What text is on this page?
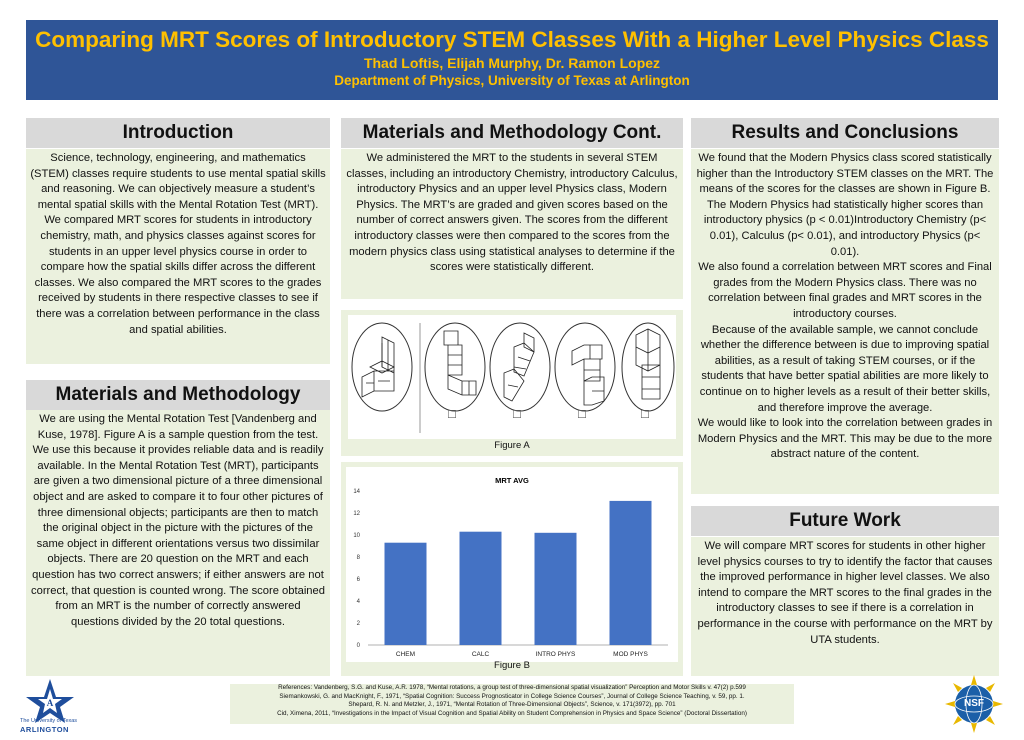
Comparing MRT Scores of Introductory STEM Classes With a Higher Level Physics Class
Thad Loftis, Elijah Murphy, Dr. Ramon Lopez
Department of Physics, University of Texas at Arlington
Introduction
Science, technology, engineering, and mathematics (STEM) classes require students to use mental spatial skills and reasoning. We can objectively measure a student’s mental spatial skills with the Mental Rotation Test (MRT). We compared MRT scores for students in introductory chemistry, math, and physics classes against scores for students in an upper level physics course in order to compare how the spatial skills differ across the different classes. We also compared the MRT scores to the grades received by students in there respective classes to see if there was a correlation between performance in the class and spatial abilities.
Materials and Methodology
We are using the Mental Rotation Test [Vandenberg and Kuse, 1978]. Figure A is a sample question from the test. We use this because it provides reliable data and is readily available. In the Mental Rotation Test (MRT), participants are given a two dimensional picture of a three dimensional object and are asked to compare it to four other pictures of three dimensional objects; participants are then to match the original object in the picture with the pictures of the same object in different orientations versus two dissimilar objects. There are 20 question on the MRT and each question has two correct answers; if either answers are not correct, that question is counted wrong. The score obtained from an MRT is the number of correctly answered questions divided by the 20 total questions.
Materials and Methodology Cont.
We administered the MRT to the students in several STEM classes, including an introductory Chemistry, introductory Calculus, introductory Physics and an upper level Physics class, Modern Physics. The MRT’s are graded and given scores based on the number of correct answers given. The scores from the different introductory classes were then compared to the scores from the modern physics class using statistical analyses to determine if the scores were statistically different.
☐	☐	☐	☐
Figure A
MRT AVG
0
2
4
6
8
10
12
14
CHEM	CALC	INTRO PHYS	MOD PHYS
Figure B
Results and Conclusions
We found that the Modern Physics class scored statistically higher than the Introductory STEM classes on the MRT. The means of the scores for the classes are shown in Figure B. The Modern Physics had statistically higher scores than introductory physics (p < 0.01)Introductory Chemistry (p< 0.01), Calculus (p< 0.01), and introductory Physics (p< 0.01).
We also found a correlation between MRT scores and Final grades from the Modern Physics class. There was no correlation between final grades and MRT scores in the introductory courses.
Because of the available sample, we cannot conclude whether the difference between is due to improving spatial abilities, as a result of taking STEM courses, or if the students that have better spatial abilities are more likely to continue on to higher levels as a result of their better skills, and therefore improve the average.
We would like to look into the correlation between grades in Modern Physics and the MRT. This may be due to the more abstract nature of the content.
Future Work
We will compare MRT scores for students in other higher level physics courses to try to identify the factor that causes the improved performance in higher level classes. We also intend to compare the MRT scores to the final grades in the introductory classes to see if there is a correlation in performance in the course with performance on the MRT by UTA students.
References: Vandenberg, S.G. and Kuse, A.R. 1978, “Mental rotations, a group test of three-dimensional spatial visualization” Perception and Motor Skills v. 47(2) p.599
Siemankowski, G. and MacKnight, F., 1971, “Spatial Cognition: Success Prognosticator in College Science Courses”, Journal of College Science Teaching, v. 59, pp. 1.
Shepard, R. N. and Metzler, J., 1971, “Mental Rotation of Three-Dimensional Objects”, Science, v. 171(3972), pp. 701
Cid, Ximena, 2011, “Investigations in the Impact of Visual Cognition and Spatial Ability on Student Comprehension in Physics and Space Science” (Doctoral Dissertation)
A
The University of Texas
ARLINGTON
NSF
